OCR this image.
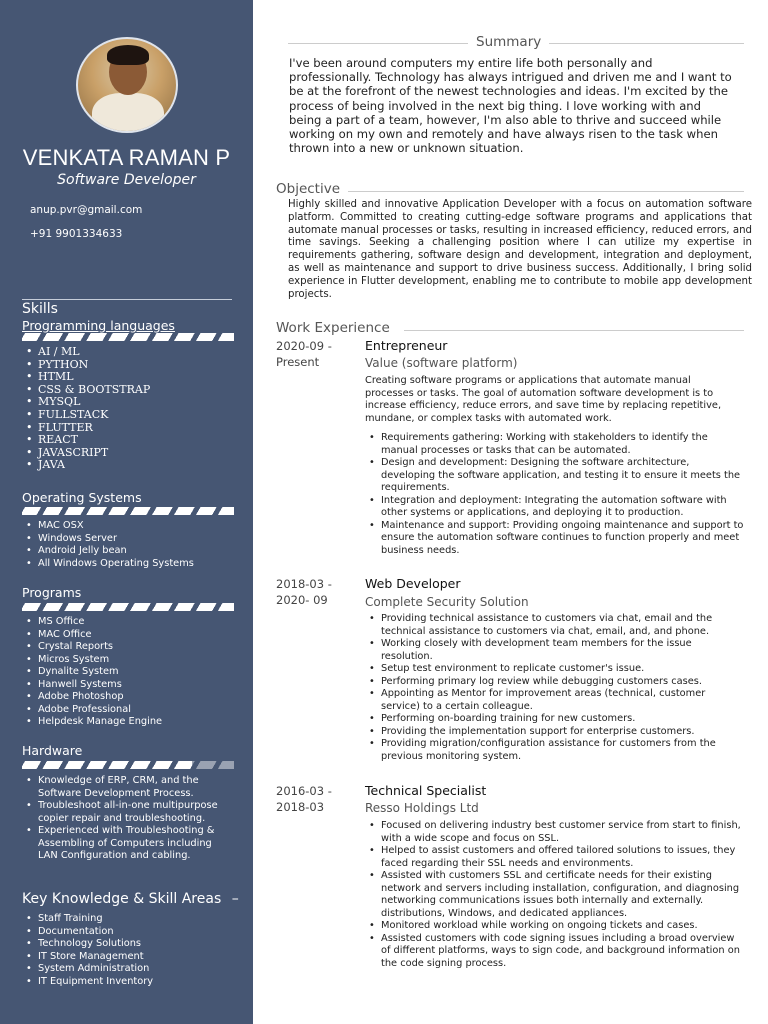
VENKATA RAMAN P
Software Developer
anup.pvr@gmail.com
+91 9901334633
Skills
Programming languages
• AI / ML
• PYTHON
• HTML
• CSS & BOOTSTRAP
• MYSQL
• FULLSTACK
• FLUTTER
• REACT
• JAVASCRIPT
• JAVA
Operating Systems
• MAC OSX
• Windows Server
• Android Jelly bean
• All Windows Operating Systems
Programs
• MS Office
• MAC Office
• Crystal Reports
• Micros System
• Dynalite System
• Hanwell Systems
• Adobe Photoshop
• Adobe Professional
• Helpdesk Manage Engine
Hardware
• Knowledge of ERP, CRM, and the Software Development Process.
• Troubleshoot all-in-one multipurpose copier repair and troubleshooting.
• Experienced with Troubleshooting & Assembling of Computers including LAN Configuration and cabling.
Key Knowledge & Skill Areas –
• Staff Training
• Documentation
• Technology Solutions
• IT Store Management
• System Administration
• IT Equipment Inventory
Summary
I've been around computers my entire life both personally and professionally. Technology has always intrigued and driven me and I want to be at the forefront of the newest technologies and ideas. I'm excited by the process of being involved in the next big thing. I love working with and being a part of a team, however, I'm also able to thrive and succeed while working on my own and remotely and have always risen to the task when thrown into a new or unknown situation.
Objective
Highly skilled and innovative Application Developer with a focus on automation software platform. Committed to creating cutting-edge software programs and applications that automate manual processes or tasks, resulting in increased efficiency, reduced errors, and time savings. Seeking a challenging position where I can utilize my expertise in requirements gathering, software design and development, integration and deployment, as well as maintenance and support to drive business success. Additionally, I bring solid experience in Flutter development, enabling me to contribute to mobile app development projects.
Work Experience
2020-09 -
Present
Entrepreneur
Value (software platform)
Creating software programs or applications that automate manual processes or tasks. The goal of automation software development is to increase efficiency, reduce errors, and save time by replacing repetitive, mundane, or complex tasks with automated work.
• Requirements gathering: Working with stakeholders to identify the manual processes or tasks that can be automated.
• Design and development: Designing the software architecture, developing the software application, and testing it to ensure it meets the requirements.
• Integration and deployment: Integrating the automation software with other systems or applications, and deploying it to production.
• Maintenance and support: Providing ongoing maintenance and support to ensure the automation software continues to function properly and meet business needs.
2018-03 -
2020- 09
Web Developer
Complete Security Solution
• Providing technical assistance to customers via chat, email and the technical assistance to customers via chat, email, and, and phone.
• Working closely with development team members for the issue resolution.
• Setup test environment to replicate customer's issue.
• Performing primary log review while debugging customers cases.
• Appointing as Mentor for improvement areas (technical, customer service) to a certain colleague.
• Performing on-boarding training for new customers.
• Providing the implementation support for enterprise customers.
• Providing migration/configuration assistance for customers from the previous monitoring system.
2016-03 -
2018-03
Technical Specialist
Resso Holdings Ltd
• Focused on delivering industry best customer service from start to finish, with a wide scope and focus on SSL.
• Helped to assist customers and offered tailored solutions to issues, they faced regarding their SSL needs and environments.
• Assisted with customers SSL and certificate needs for their existing network and servers including installation, configuration, and diagnosing networking communications issues both internally and externally. distributions, Windows, and dedicated appliances.
• Monitored workload while working on ongoing tickets and cases.
• Assisted customers with code signing issues including a broad overview of different platforms, ways to sign code, and background information on the code signing process.
